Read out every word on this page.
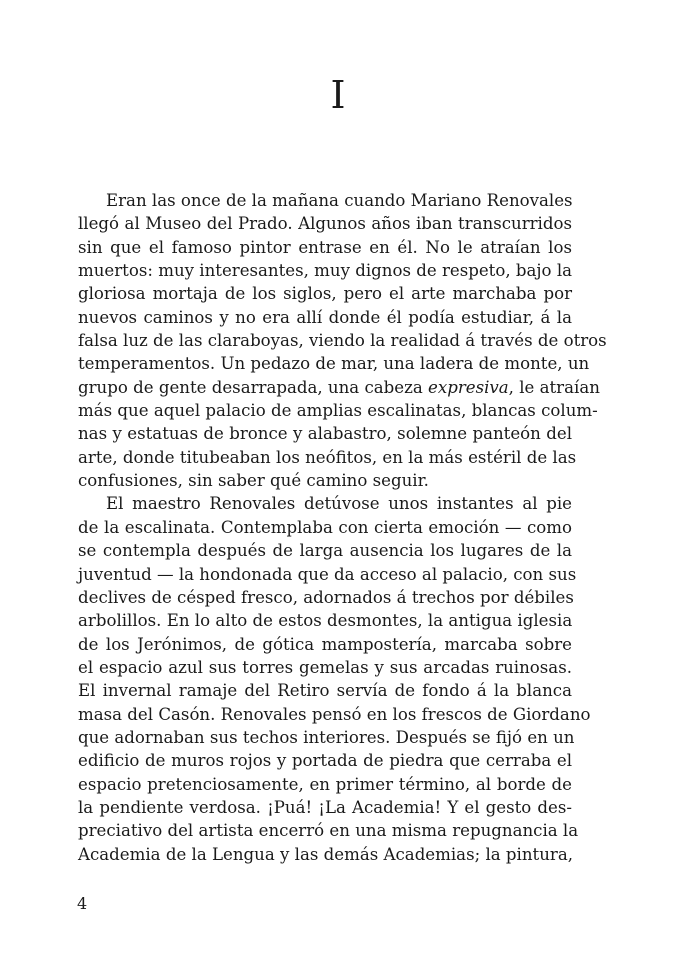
I
Eran las once de la mañana cuando Mariano Renovales
llegó al Museo del Prado. Algunos años iban transcurridos
sin que el famoso pintor entrase en él. No le atraían los
muertos: muy interesantes, muy dignos de respeto, bajo la
gloriosa mortaja de los siglos, pero el arte marchaba por
nuevos caminos y no era allí donde él podía estudiar, á la
falsa luz de las claraboyas, viendo la realidad á través de otros
temperamentos. Un pedazo de mar, una ladera de monte, un
grupo de gente desarrapada, una cabeza expresiva, le atraían
más que aquel palacio de amplias escalinatas, blancas colum-
nas y estatuas de bronce y alabastro, solemne panteón del
arte, donde titubeaban los neófitos, en la más estéril de las
confusiones, sin saber qué camino seguir.
El maestro Renovales detúvose unos instantes al pie
de la escalinata. Contemplaba con cierta emoción — como
se contempla después de larga ausencia los lugares de la
juventud — la hondonada que da acceso al palacio, con sus
declives de césped fresco, adornados á trechos por débiles
arbolillos. En lo alto de estos desmontes, la antigua iglesia
de los Jerónimos, de gótica mampostería, marcaba sobre
el espacio azul sus torres gemelas y sus arcadas ruinosas.
El invernal ramaje del Retiro servía de fondo á la blanca
masa del Casón. Renovales pensó en los frescos de Giordano
que adornaban sus techos interiores. Después se fijó en un
edificio de muros rojos y portada de piedra que cerraba el
espacio pretenciosamente, en primer término, al borde de
la pendiente verdosa. ¡Puá! ¡La Academia! Y el gesto des-
preciativo del artista encerró en una misma repugnancia la
Academia de la Lengua y las demás Academias; la pintura,
4
